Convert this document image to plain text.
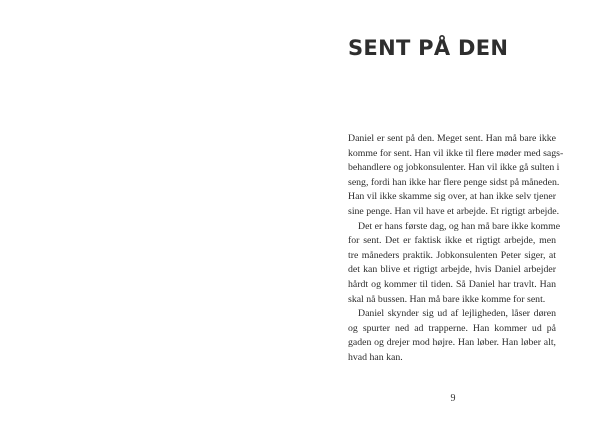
SENT PÅ DEN
Daniel er sent på den. Meget sent. Han må bare ikke
komme for sent. Han vil ikke til flere møder med sags-
behandlere og jobkonsulenter. Han vil ikke gå sulten i
seng, fordi han ikke har flere penge sidst på måneden.
Han vil ikke skamme sig over, at han ikke selv tjener
sine penge. Han vil have et arbejde. Et rigtigt arbejde.
Det er hans første dag, og han må bare ikke komme
for sent. Det er faktisk ikke et rigtigt arbejde, men
tre måneders praktik. Jobkonsulenten Peter siger, at
det kan blive et rigtigt arbejde, hvis Daniel arbejder
hårdt og kommer til tiden. Så Daniel har travlt. Han
skal nå bussen. Han må bare ikke komme for sent.
Daniel skynder sig ud af lejligheden, låser døren
og spurter ned ad trapperne. Han kommer ud på
gaden og drejer mod højre. Han løber. Han løber alt,
hvad han kan.
9
